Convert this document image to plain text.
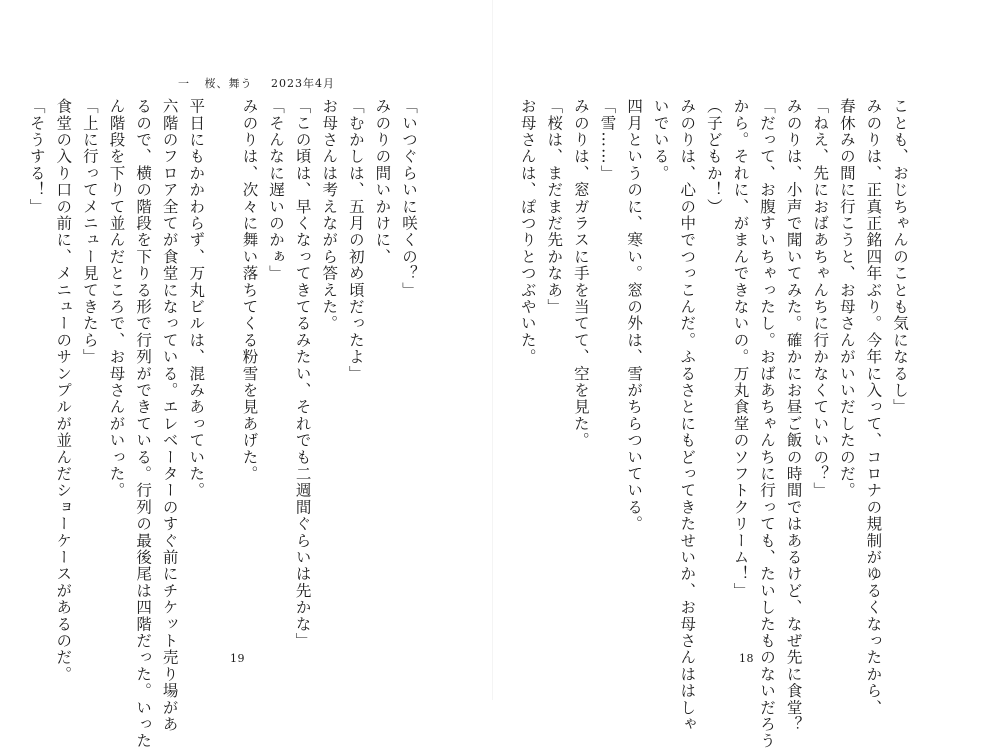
一 桜、舞う 2023年4月

「いつぐらいに咲くの？」

みのりの問いかけに、

「むかしは、五月の初め頃だったよ」

お母さんは考えながら答えた。

「この頃は、早くなってきてるみたい、それでも二週間ぐらいは先かな」

「そんなに遅いのかぁ」

みのりは、次々に舞い落ちてくる粉雪を見あげた。

平日にもかかわらず、万丸ビルは、混みあっていた。

六階のフロア全てが食堂になっている。エレベーターのすぐ前にチケット売り場があ

るので、横の階段を下りる形で行列ができている。行列の最後尾は四階だった。いった

ん階段を下りて並んだところで、お母さんがいった。

「上に行ってメニュー見てきたら」

食堂の入り口の前に、メニューのサンプルが並んだショーケースがあるのだ。

「そうする！」

19

ことも、おじちゃんのことも気になるし」

みのりは、正真正銘四年ぶり。今年に入って、コロナの規制がゆるくなったから、

春休みの間に行こうと、お母さんがいいだしたのだ。

「ねえ、先におばあちゃんちに行かなくていいの？」

みのりは、小声で聞いてみた。確かにお昼ご飯の時間ではあるけど、なぜ先に食堂？

「だって、お腹すいちゃったし。おばあちゃんちに行っても、たいしたものないだろう

から。それに、がまんできないの。万丸食堂のソフトクリーム！」

（子どもか！）

みのりは、心の中でつっこんだ。ふるさとにもどってきたせいか、お母さんははしゃ

いでいる。

四月というのに、寒い。窓の外は、雪がちらついている。

「雪……」

みのりは、窓ガラスに手を当てて、空を見た。

「桜は、まだまだ先かなあ」

お母さんは、ぽつりとつぶやいた。

18
